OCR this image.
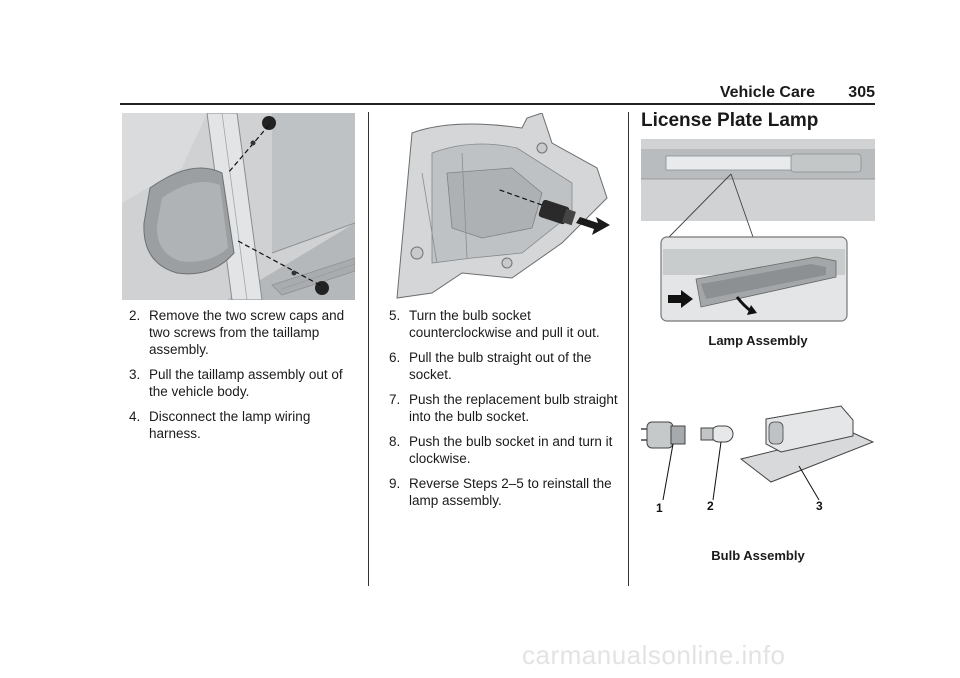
Vehicle Care 305
2. Remove the two screw caps and two screws from the taillamp assembly.
3. Pull the taillamp assembly out of the vehicle body.
4. Disconnect the lamp wiring harness.
5. Turn the bulb socket counterclockwise and pull it out.
6. Pull the bulb straight out of the socket.
7. Push the replacement bulb straight into the bulb socket.
8. Push the bulb socket in and turn it clockwise.
9. Reverse Steps 2–5 to reinstall the lamp assembly.
License Plate Lamp
Lamp Assembly
1	2	3
Bulb Assembly
carmanualsonline.info
